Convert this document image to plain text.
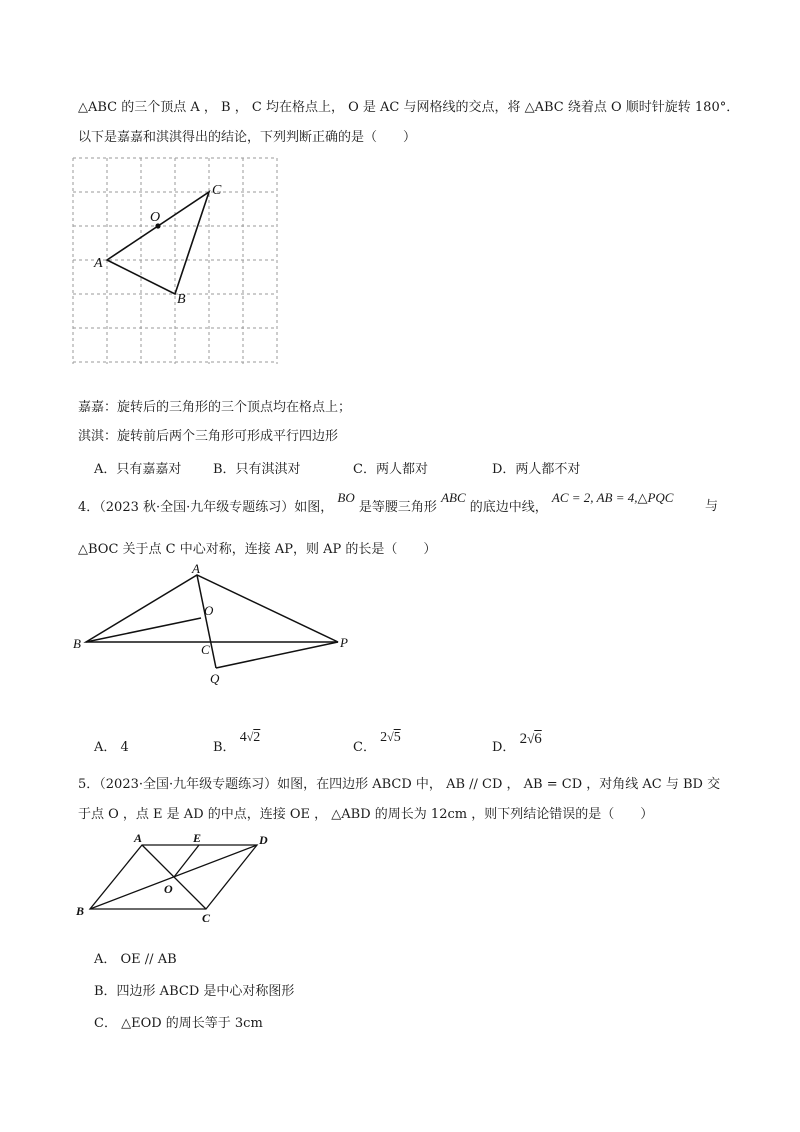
△ABC 的三个顶点 A ， B ， C 均在格点上， O 是 AC 与网格线的交点，将 △ABC 绕着点 O 顺时针旋转 180°．
以下是嘉嘉和淇淇得出的结论，下列判断正确的是（　　）
A
B
C
O
嘉嘉：旋转后的三角形的三个顶点均在格点上；
淇淇：旋转前后两个三角形可形成平行四边形
A．只有嘉嘉对 B．只有淇淇对	C．两人都对	D．两人都不对
4．（2023 秋·全国·九年级专题练习）如图， BO 是等腰三角形 ABC 的底边中线， AC = 2, AB = 4,△PQC
与
△BOC 关于点 C 中心对称，连接 AP，则 AP 的长是（　　）
A
O
B	C	P
Q
A． 4	B． 4√2
C． 2√5
D． 2√6
5．（2023·全国·九年级专题练习）如图，在四边形 ABCD 中， AB // CD ， AB = CD ，对角线 AC 与 BD 交
于点 O ，点 E 是 AD 的中点，连接 OE ， △ABD 的周长为 12cm ，则下列结论错误的是（　　）
A	E	D
O
B	C
A． OE // AB
B．四边形 ABCD 是中心对称图形
C． △EOD 的周长等于 3cm
